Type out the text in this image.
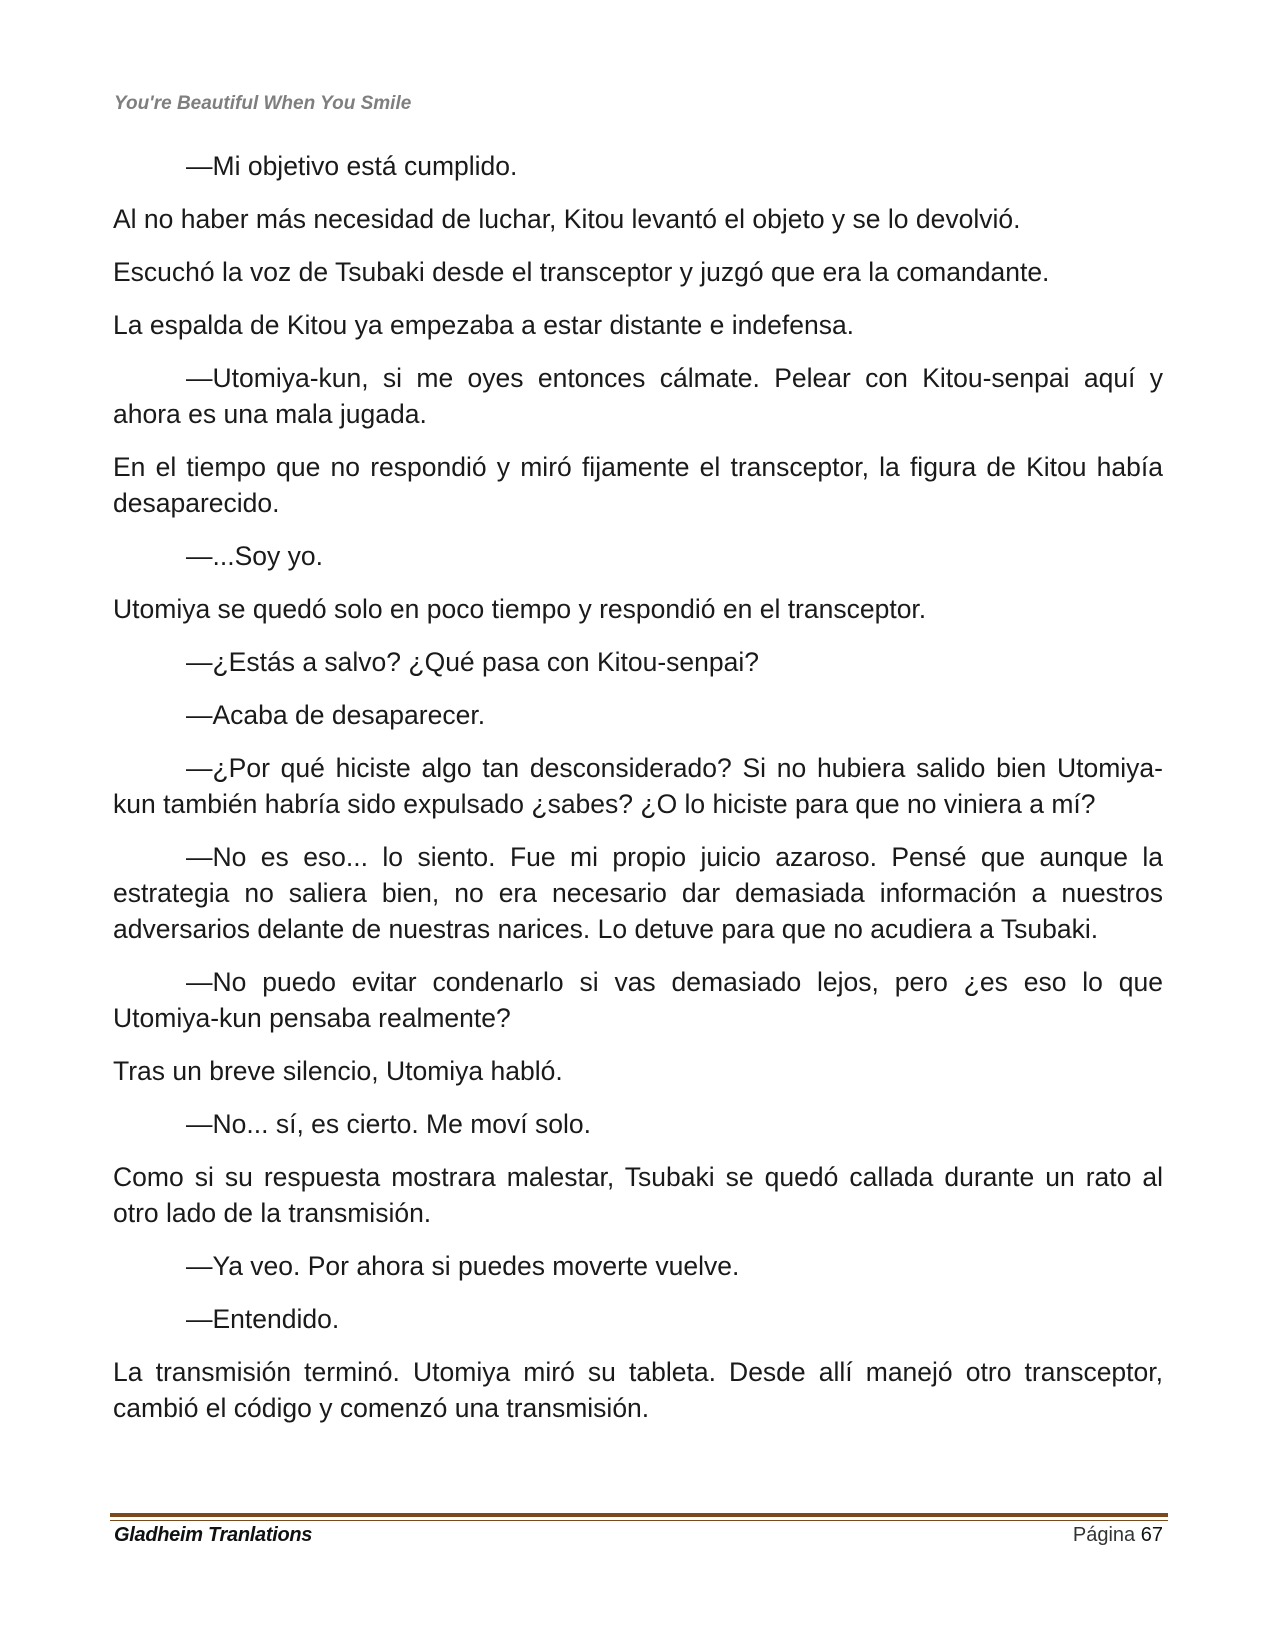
You're Beautiful When You Smile

—Mi objetivo está cumplido.

Al no haber más necesidad de luchar, Kitou levantó el objeto y se lo devolvió.

Escuchó la voz de Tsubaki desde el transceptor y juzgó que era la comandante.

La espalda de Kitou ya empezaba a estar distante e indefensa.

—Utomiya-kun, si me oyes entonces cálmate. Pelear con Kitou-senpai aquí y ahora es una mala jugada.

En el tiempo que no respondió y miró fijamente el transceptor, la figura de Kitou había desaparecido.

—...Soy yo.

Utomiya se quedó solo en poco tiempo y respondió en el transceptor.

—¿Estás a salvo? ¿Qué pasa con Kitou-senpai?

—Acaba de desaparecer.

—¿Por qué hiciste algo tan desconsiderado? Si no hubiera salido bien Utomiya-kun también habría sido expulsado ¿sabes? ¿O lo hiciste para que no viniera a mí?

—No es eso... lo siento. Fue mi propio juicio azaroso. Pensé que aunque la estrategia no saliera bien, no era necesario dar demasiada información a nuestros adversarios delante de nuestras narices. Lo detuve para que no acudiera a Tsubaki.

—No puedo evitar condenarlo si vas demasiado lejos, pero ¿es eso lo que Utomiya-kun pensaba realmente?

Tras un breve silencio, Utomiya habló.

—No... sí, es cierto. Me moví solo.

Como si su respuesta mostrara malestar, Tsubaki se quedó callada durante un rato al otro lado de la transmisión.

—Ya veo. Por ahora si puedes moverte vuelve.

—Entendido.

La transmisión terminó. Utomiya miró su tableta. Desde allí manejó otro transceptor, cambió el código y comenzó una transmisión.

Gladheim Tranlations	Página 67
